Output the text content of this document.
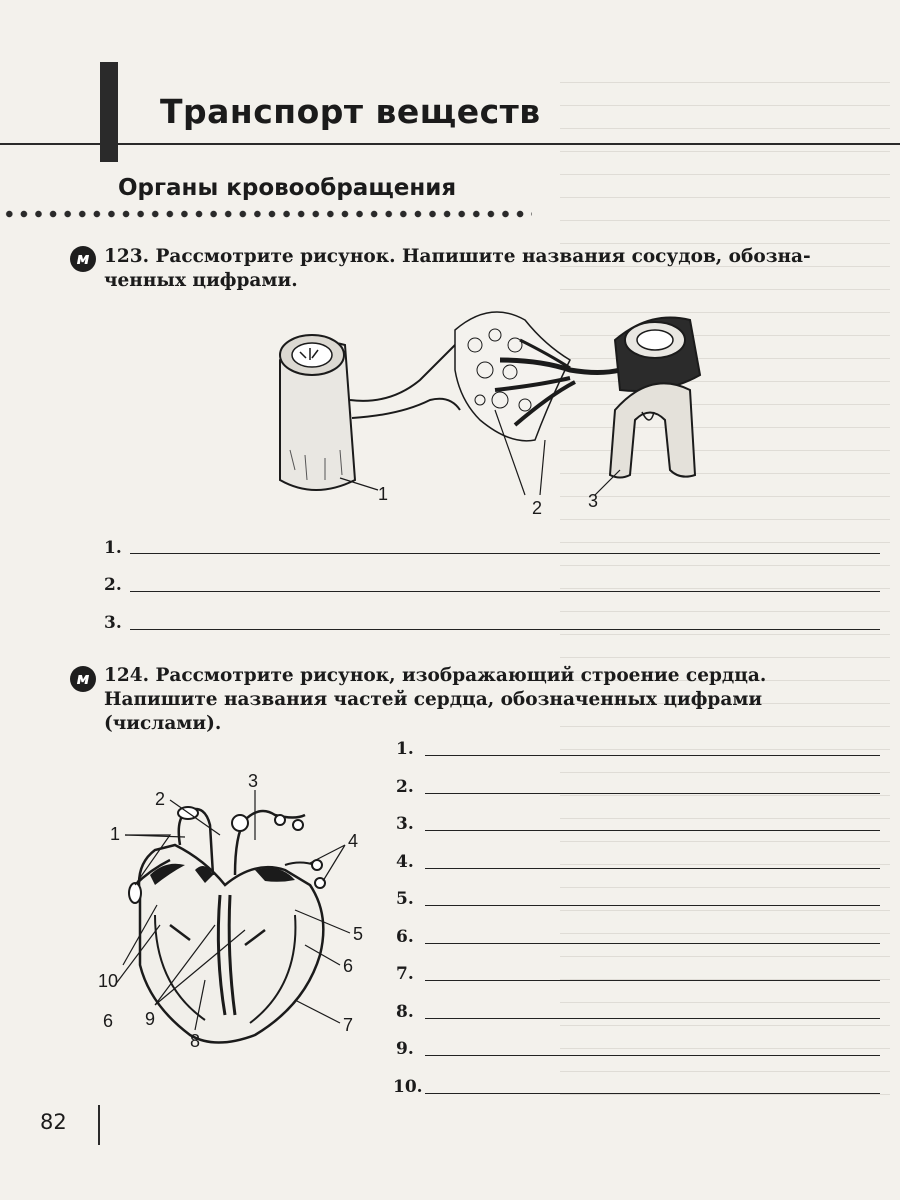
Транспорт веществ
Органы кровообращения
м 123. Рассмотрите рисунок. Напишите названия сосудов, обозна-
ченных цифрами.
1
2	3
1.
2.
3.
м 124. Рассмотрите рисунок, изображающий строение сердца.
Напишите названия частей сердца, обозначенных цифрами
(числами).
1
2
3
4
5
6
7
8
9
10
6
1.
2.
3.
4.
5.
6.
7.
8.
9.
10.
82
